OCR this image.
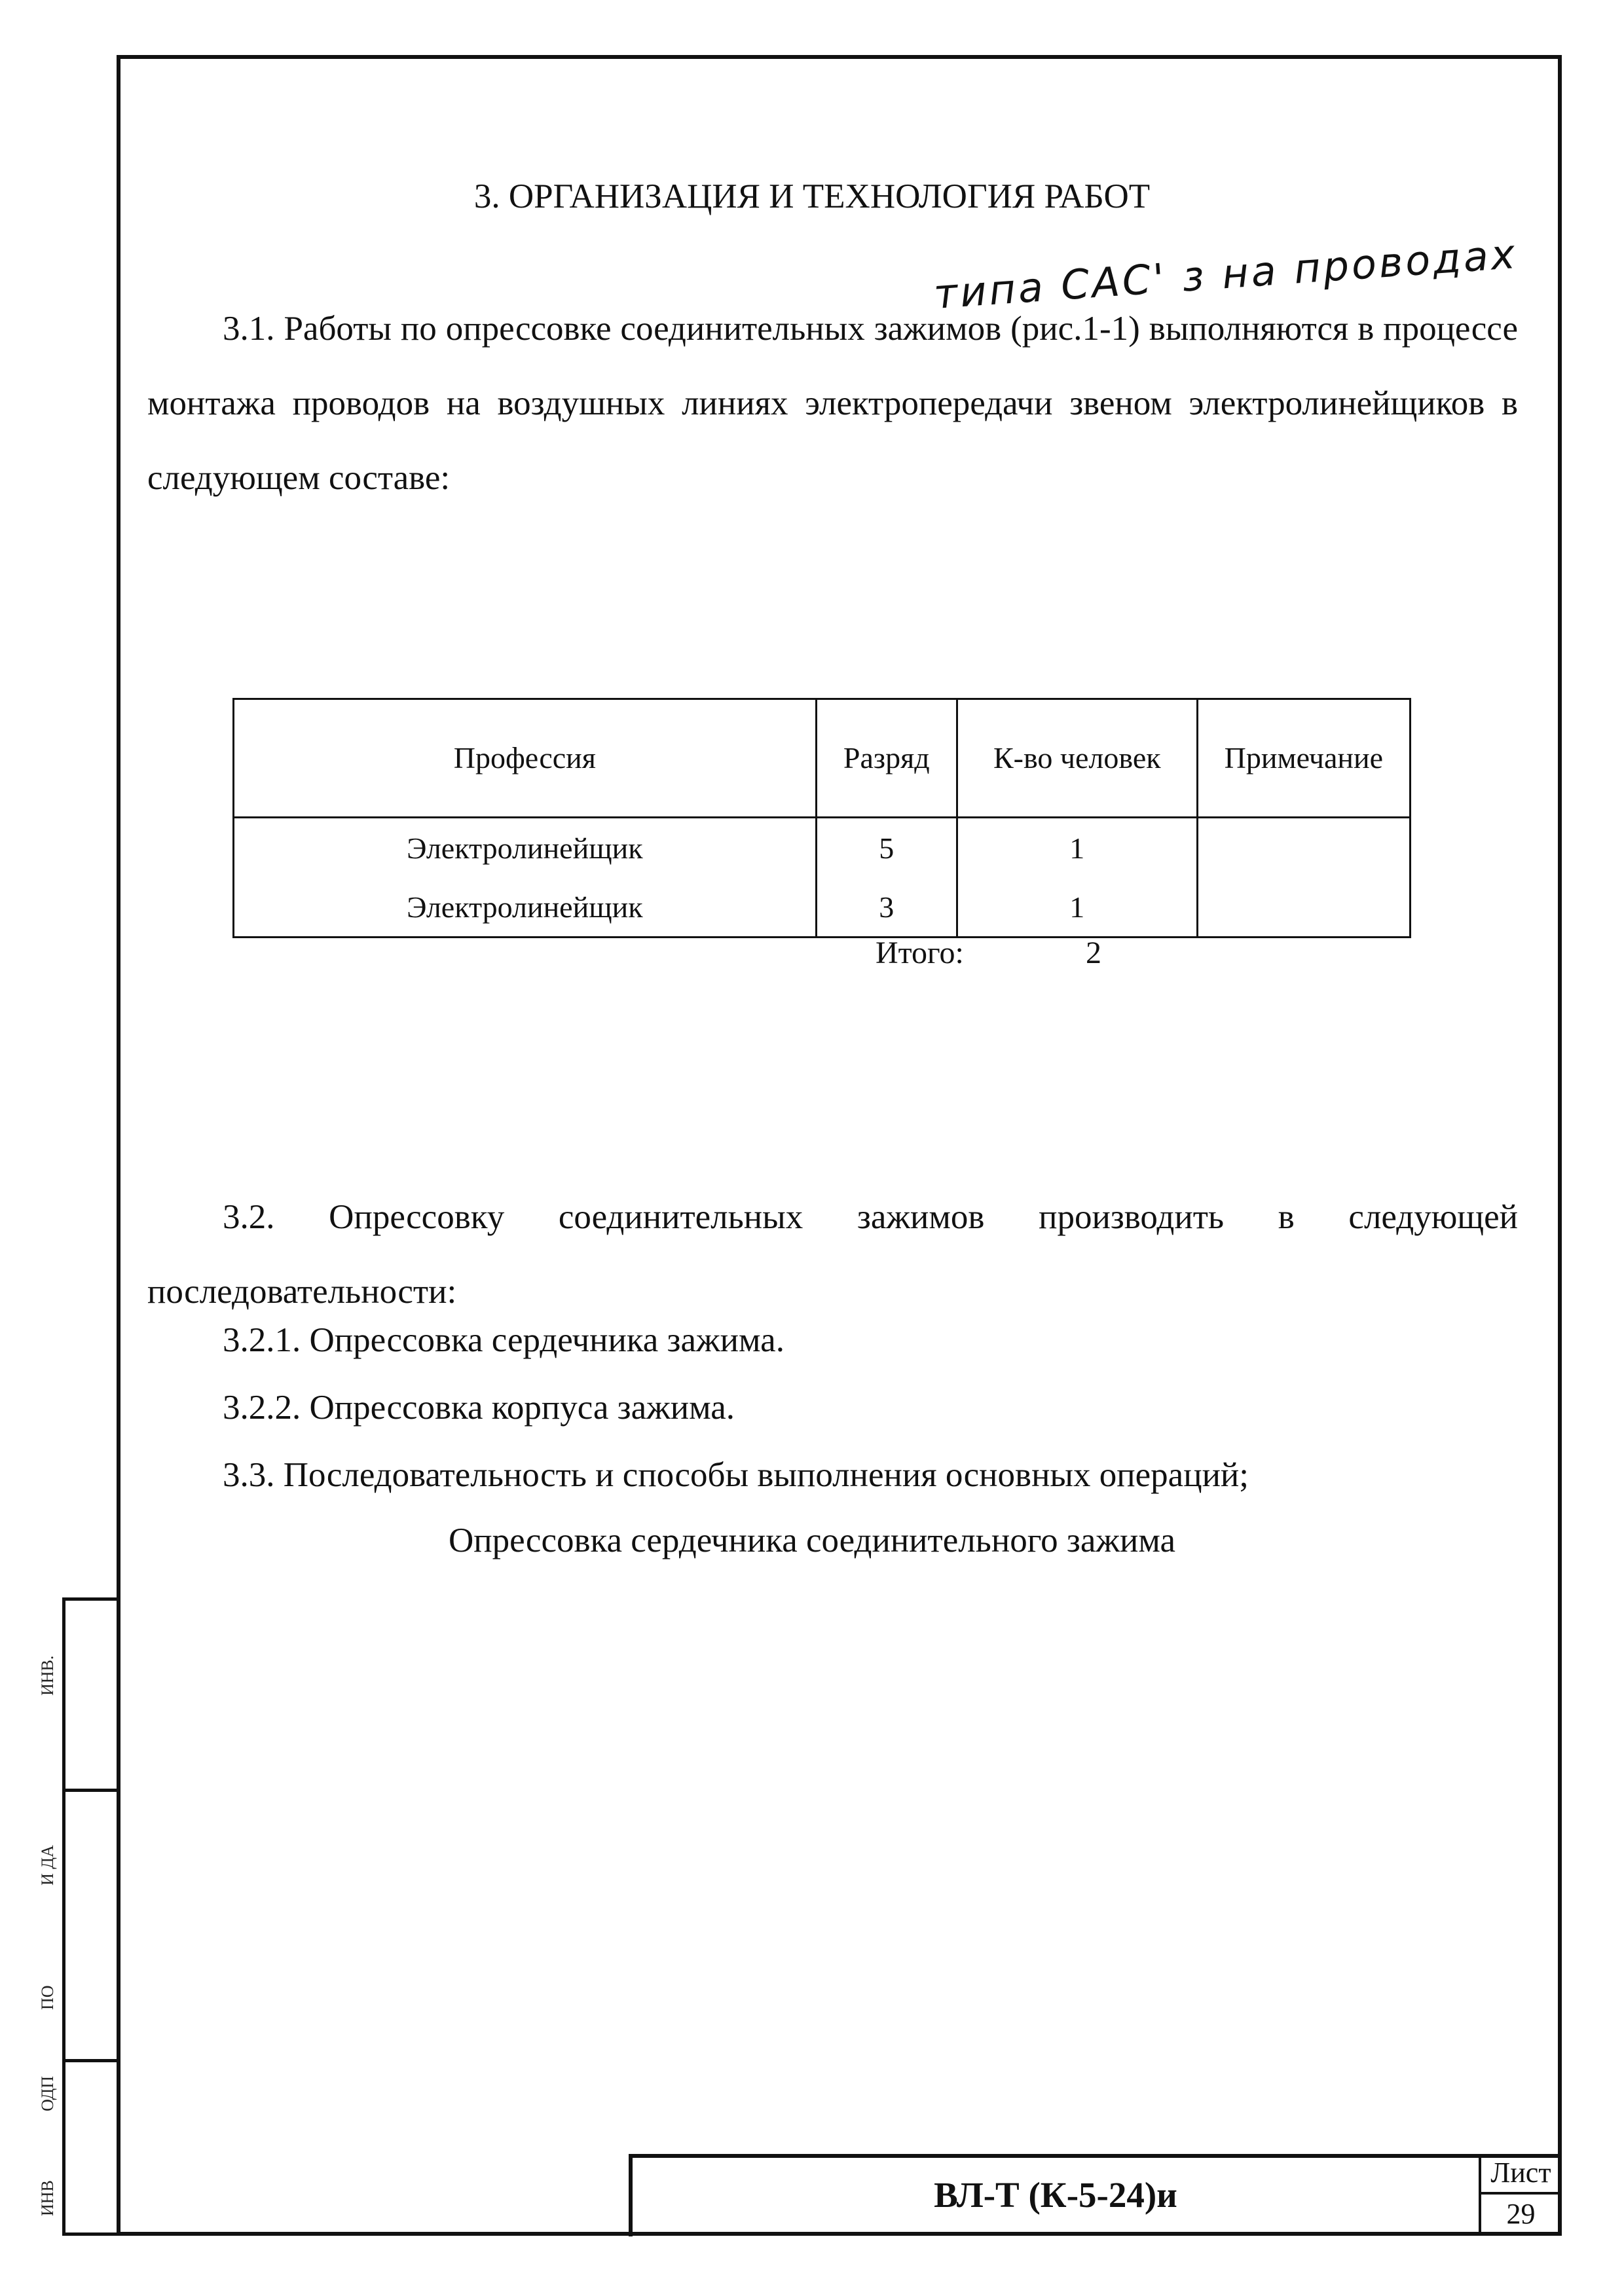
3. ОРГАНИЗАЦИЯ И ТЕХНОЛОГИЯ РАБОТ
типа САС' з на проводах
3.1. Работы по опрессовке соединительных зажимов (рис.1-1) выполняются в процессе монтажа проводов на воздушных линиях электропередачи звеном электролинейщиков в следующем составе:
Профессия	Разряд	К-во человек	Примечание
Электролинейщик	5	1	
Электролинейщик	3	1	
Итого:	2
3.2. Опрессовку соединительных зажимов производить в следующей последовательности:
3.2.1. Опрессовка сердечника зажима.
3.2.2. Опрессовка корпуса зажима.
3.3. Последовательность и способы выполнения основных операций;
Опрессовка сердечника соединительного зажима
ИНВ.
И ДА
ПО
ОДП
ИНВ	ВЛ-Т (К-5-24)и
Лист
29
